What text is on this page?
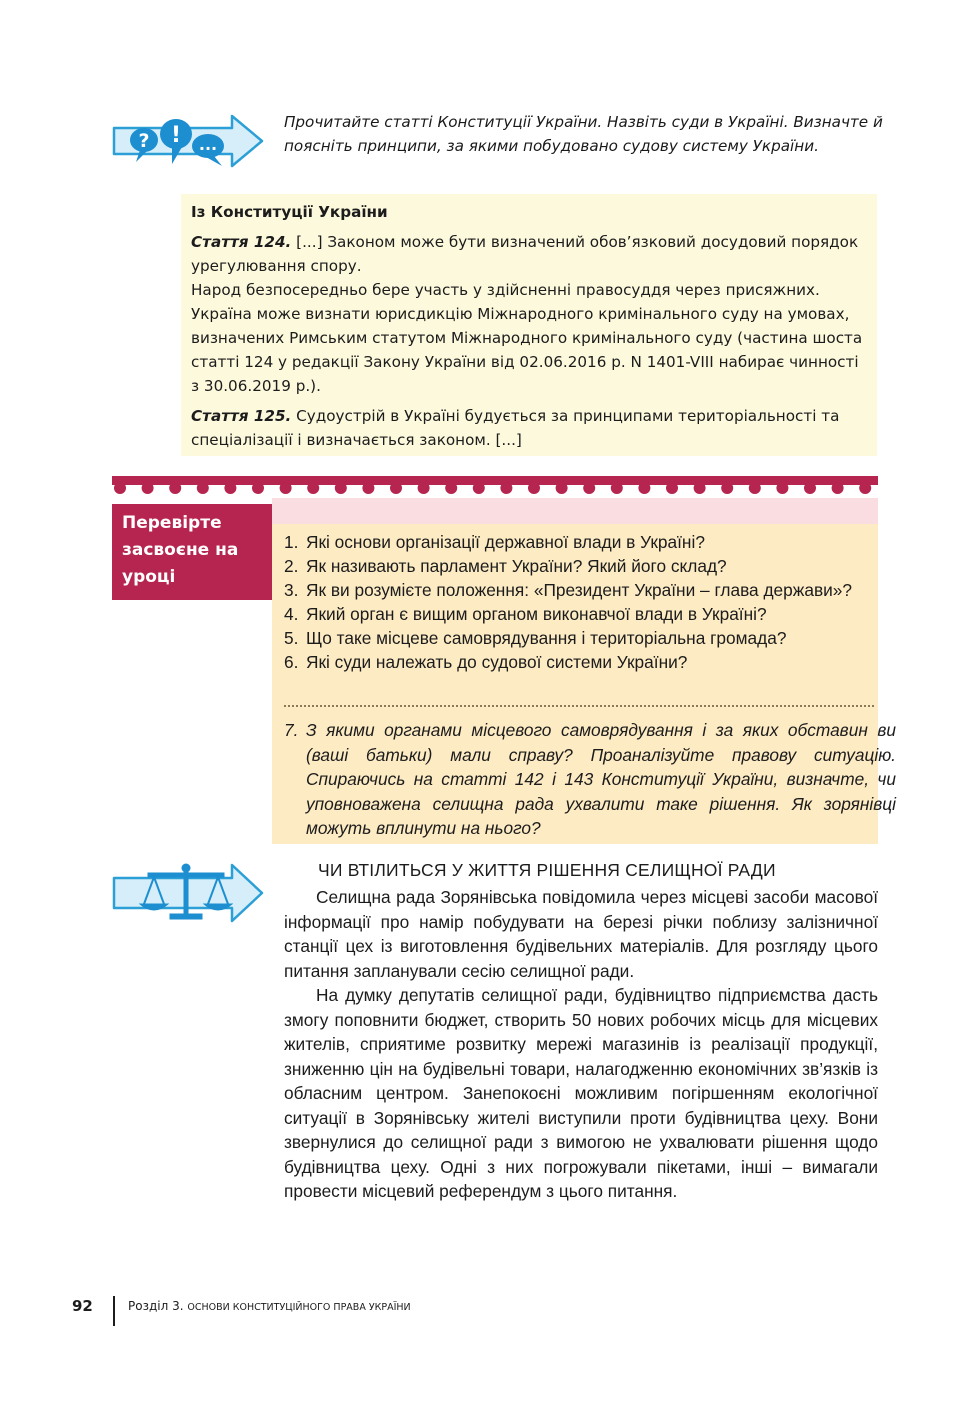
? ! ...
Прочитайте статті Конституції України. Назвіть суди в Україні. Визначте й поясніть принципи, за якими побудовано судову систему України.

Із Конституції України

Стаття 124. [...] Законом може бути визначений обов’язковий досудовий порядок урегулювання спору.

Народ безпосередньо бере участь у здійсненні правосуддя через присяжних.

Україна може визнати юрисдикцію Міжнародного кримінального суду на умовах, визначених Римським статутом Міжнародного кримінального суду (частина шоста статті 124 у редакції Закону України від 02.06.2016 р. N 1401-VIII набирає чинності з 30.06.2019 р.).

Стаття 125. Судоустрій в Україні будується за принципами територіальності та спеціалізації і визначається законом. [...]

Перевірте засвоєне на уроці
1. Які основи організації державної влади в Україні?
2. Як називають парламент України? Який його склад?
3. Як ви розумієте положення: «Президент України – глава держави»?
4. Який орган є вищим органом виконавчої влади в Україні?
5. Що таке місцеве самоврядування і територіальна громада?
6. Які суди належать до судової системи України?
7. З якими органами місцевого самоврядування і за яких обставин ви (ваші батьки) мали справу? Проаналізуйте правову ситуацію. Спираючись на статті 142 і 143 Конституції України, визначте, чи уповноважена селищна рада ухвалити таке рішення. Як зорянівці можуть вплинути на нього?
ЧИ ВТІЛИТЬСЯ У ЖИТТЯ РІШЕННЯ СЕЛИЩНОЇ РАДИ

Селищна рада Зорянівська повідомила через місцеві засоби масової інформації про намір побудувати на березі річки поблизу залізничної станції цех із виготовлення будівельних матеріалів. Для розгляду цього питання запланували сесію селищної ради.

На думку депутатів селищної ради, будівництво підприємства дасть змогу поповнити бюджет, створить 50 нових робочих місць для місцевих жителів, сприятиме розвитку мережі магазинів із реалізації продукції, зниженню цін на будівельні товари, налагодженню економічних зв’язків із обласним центром. Занепокоєні можливим погіршенням екологічної ситуації в Зорянівську жителі виступили проти будівництва цеху. Вони звернулися до селищної ради з вимогою не ухвалювати рішення щодо будівництва цеху. Одні з них погрожували пікетами, інші – вимагали провести місцевий референдум з цього питання.

92	Розділ 3. ОСНОВИ КОНСТИТУЦІЙНОГО ПРАВА УКРАЇНИ
